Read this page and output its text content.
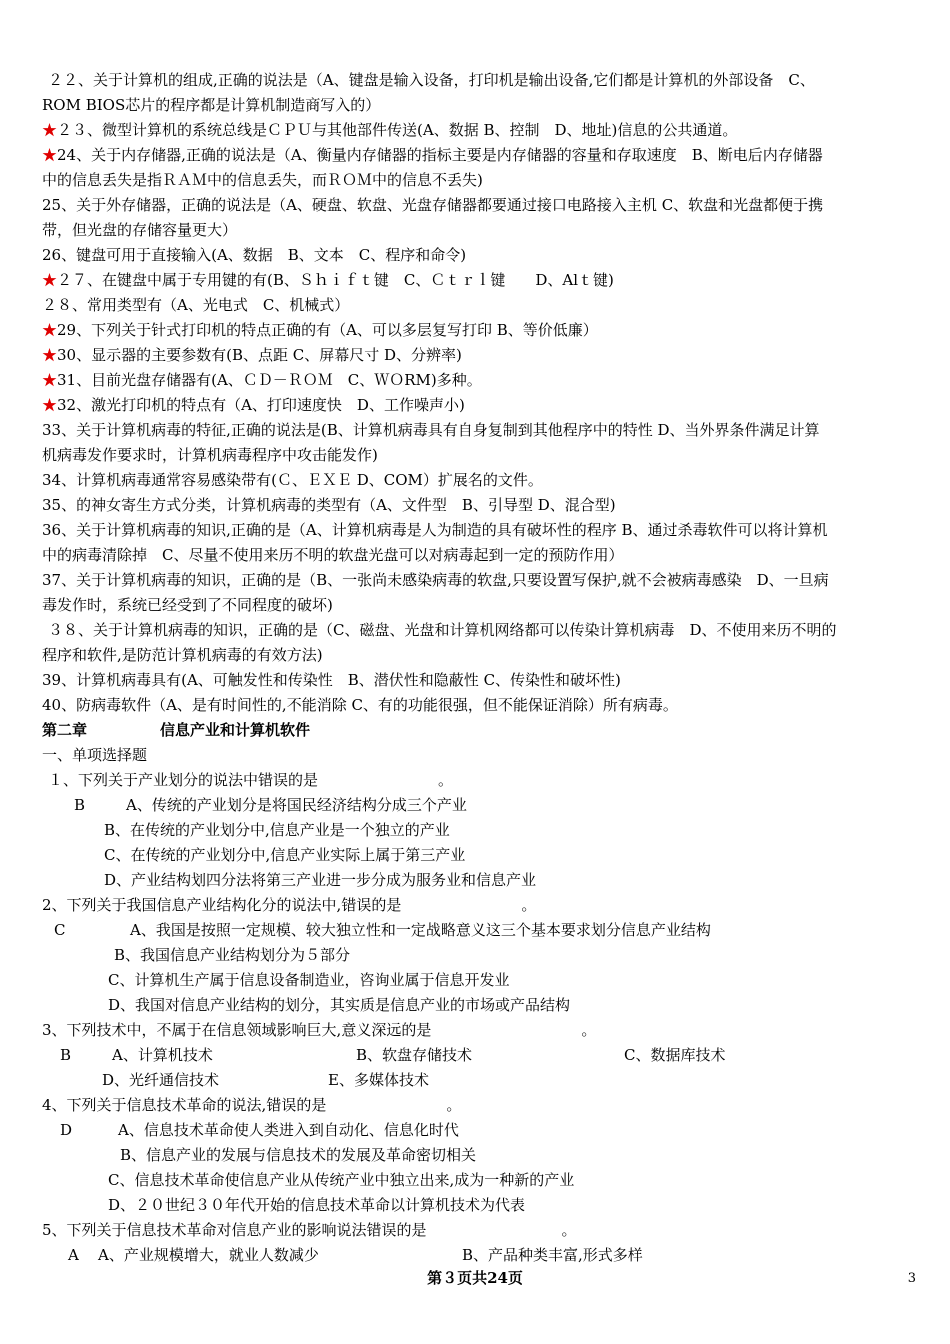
２２、关于计算机的组成,正确的说法是（A、键盘是输入设备，打印机是输出设备,它们都是计算机的外部设备　C、
ROM BIOS芯片的程序都是计算机制造商写入的）
★２３、微型计算机的系统总线是ＣＰＵ与其他部件传送(A、数据 B、控制　D、地址)信息的公共通道。
★24、关于内存储器,正确的说法是（A、衡量内存储器的指标主要是内存储器的容量和存取速度　B、断电后内存储器
中的信息丢失是指ＲＡＭ中的信息丢失，而ＲＯＭ中的信息不丢失)
25、关于外存储器，正确的说法是（A、硬盘、软盘、光盘存储器都要通过接口电路接入主机 C、软盘和光盘都便于携
带，但光盘的存储容量更大）
26、键盘可用于直接输入(A、数据　B、文本　C、程序和命令)
★２７、在键盘中属于专用键的有(B、Ｓｈｉｆｔ键　C、Ｃｔｒｌ键　　D、Alｔ键)
２８、常用类型有（A、光电式　C、机械式）
★29、下列关于针式打印机的特点正确的有（A、可以多层复写打印 B、等价低廉）
★30、显示器的主要参数有(B、点距 C、屏幕尺寸 D、分辨率)
★31、目前光盘存储器有(A、ＣＤ－ＲＯＭ　C、ＷＯRM)多种。
★32、激光打印机的特点有（A、打印速度快　D、工作噪声小)
33、关于计算机病毒的特征,正确的说法是(B、计算机病毒具有自身复制到其他程序中的特性 D、当外界条件满足计算
机病毒发作要求时，计算机病毒程序中攻击能发作)
34、计算机病毒通常容易感染带有(Ｃ、ＥＸＥ D、COM）扩展名的文件。
35、的神女寄生方式分类，计算机病毒的类型有（A、文件型　B、引导型 D、混合型)
36、关于计算机病毒的知识,正确的是（A、计算机病毒是人为制造的具有破坏性的程序 B、通过杀毒软件可以将计算机
中的病毒清除掉　C、尽量不使用来历不明的软盘光盘可以对病毒起到一定的预防作用）
37、关于计算机病毒的知识，正确的是（B、一张尚未感染病毒的软盘,只要设置写保护,就不会被病毒感染　D、一旦病
毒发作时，系统已经受到了不同程度的破坏)
３８、关于计算机病毒的知识，正确的是（C、磁盘、光盘和计算机网络都可以传染计算机病毒　D、不使用来历不明的
程序和软件,是防范计算机病毒的有效方法)
39、计算机病毒具有(A、可触发性和传染性　B、潜伏性和隐蔽性 C、传染性和破坏性)
40、防病毒软件（A、是有时间性的,不能消除 C、有的功能很强，但不能保证消除）所有病毒。
第二章	信息产业和计算机软件
一、单项选择题
１、下列关于产业划分的说法中错误的是　　　　　　　　。
B	A、传统的产业划分是将国民经济结构分成三个产业
B、在传统的产业划分中,信息产业是一个独立的产业
C、在传统的产业划分中,信息产业实际上属于第三产业
D、产业结构划四分法将第三产业进一步分成为服务业和信息产业
2、下列关于我国信息产业结构化分的说法中,错误的是　　　　　　　　。
C	A、我国是按照一定规模、较大独立性和一定战略意义这三个基本要求划分信息产业结构
B、我国信息产业结构划分为５部分
C、计算机生产属于信息设备制造业，咨询业属于信息开发业
D、我国对信息产业结构的划分，其实质是信息产业的市场或产品结构
3、下列技术中，不属于在信息领域影响巨大,意义深远的是　　　　　　　　　　。
B	A、计算机技术	B、软盘存储技术	C、数据库技术
D、光纤通信技术	E、多媒体技术
4、下列关于信息技术革命的说法,错误的是　　　　　　　　。
D	A、信息技术革命使人类进入到自动化、信息化时代
B、信息产业的发展与信息技术的发展及革命密切相关
C、信息技术革命使信息产业从传统产业中独立出来,成为一种新的产业
D、２０世纪３０年代开始的信息技术革命以计算机技术为代表
5、下列关于信息技术革命对信息产业的影响说法错误的是　　　　　　　　　。
A A、产业规模增大，就业人数减少	B、产品种类丰富,形式多样
第３页共24页	3
